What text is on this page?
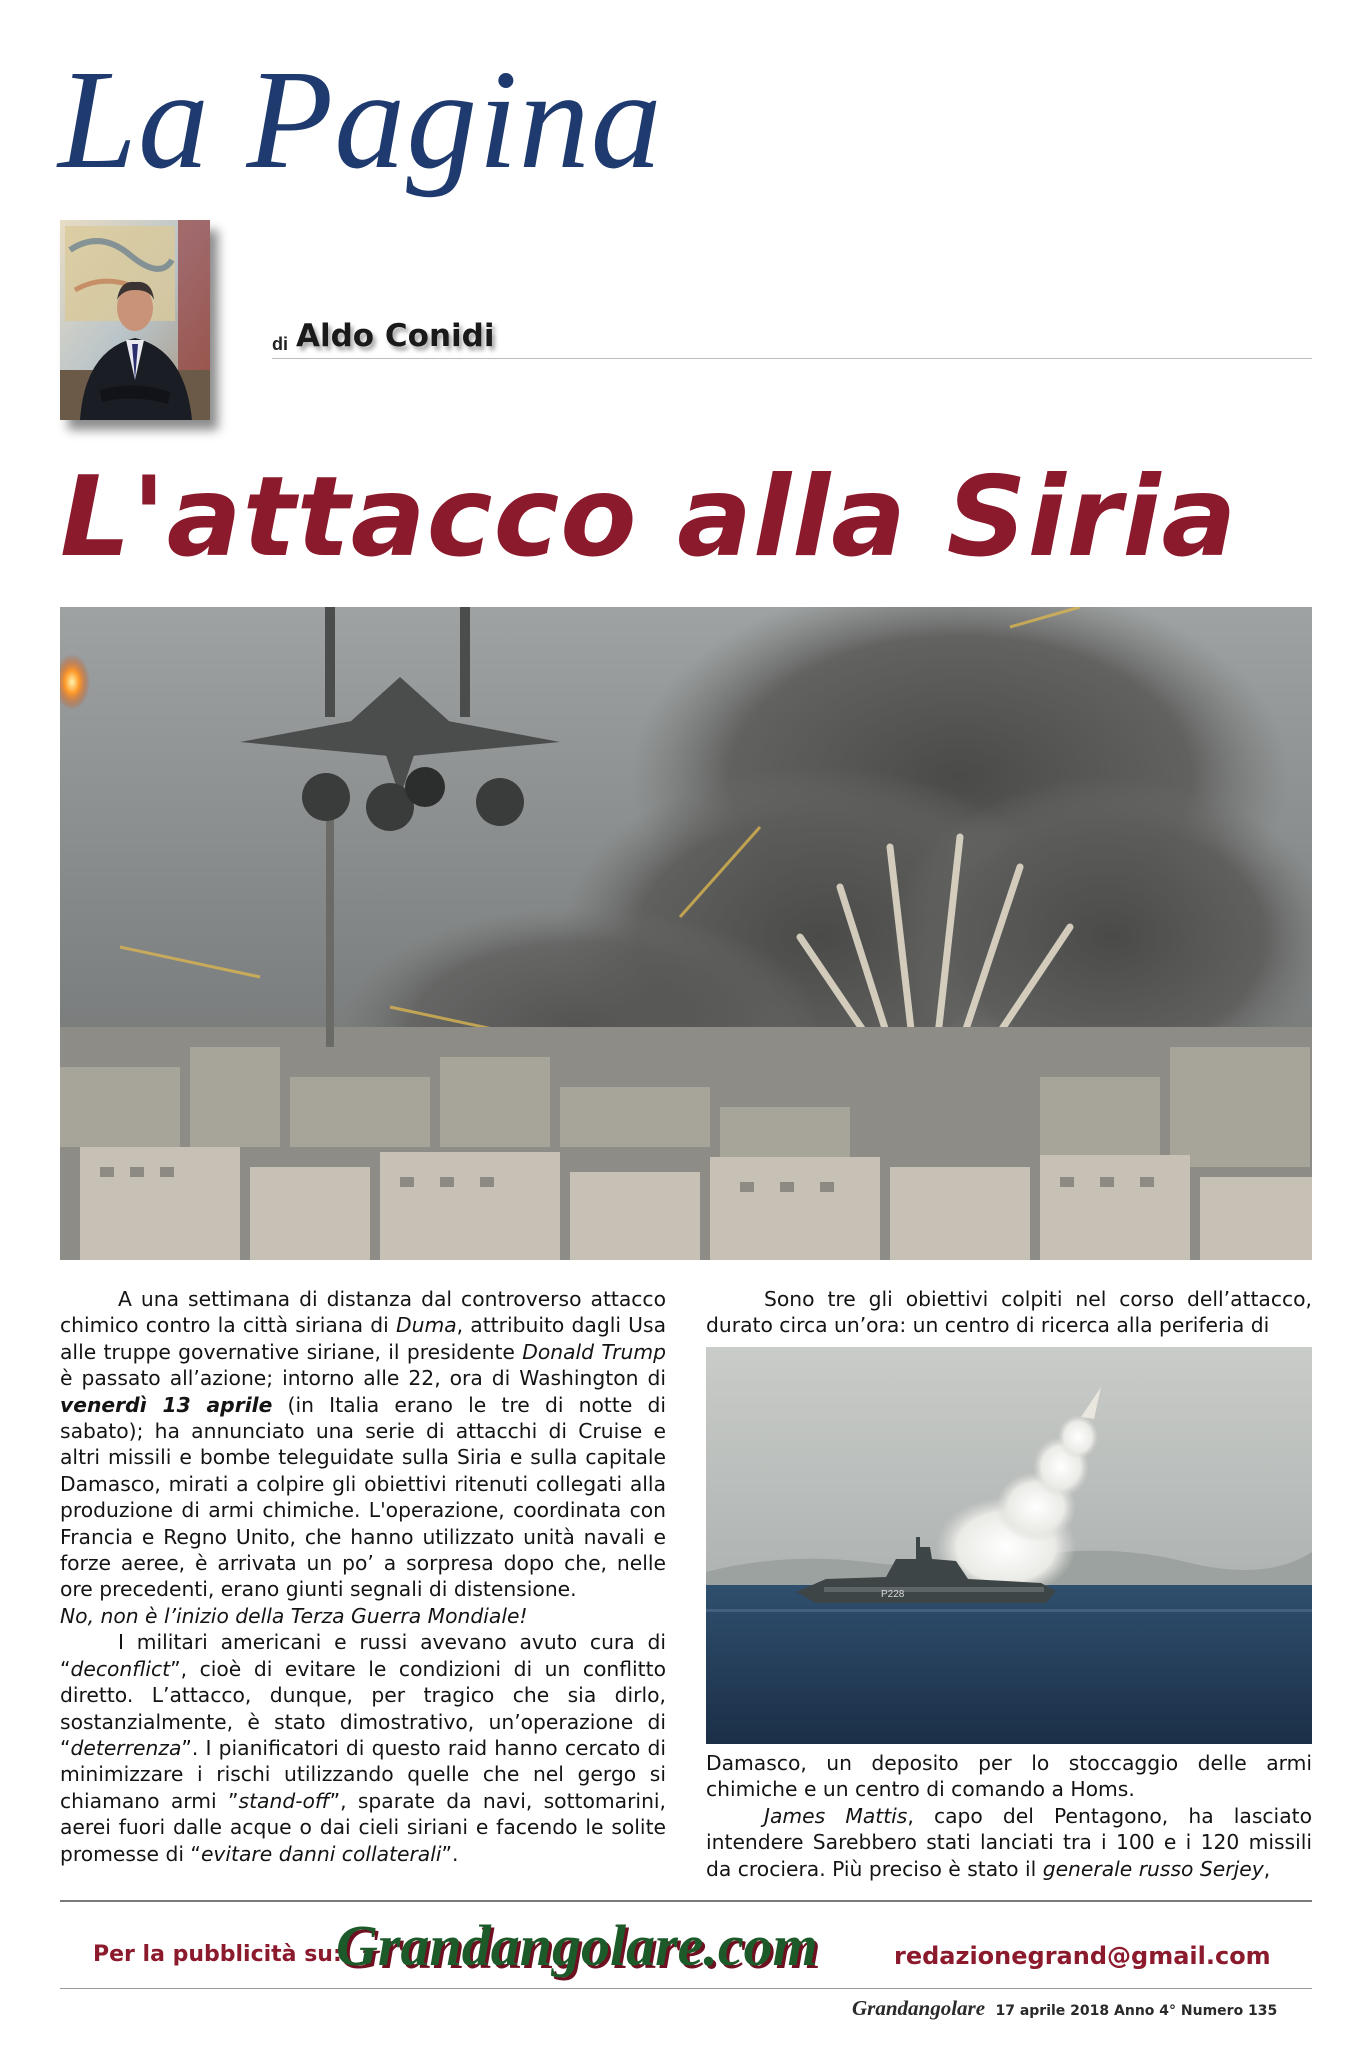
La Pagina
di Aldo Conidi
L'attacco alla Siria

A una settimana di distanza dal controverso attacco chimico contro la città siriana di Duma, attribuito dagli Usa alle truppe governative siriane, il presidente Donald Trump è passato all’azione; intorno alle 22, ora di Washington di venerdì 13 aprile (in Italia erano le tre di notte di sabato); ha annunciato una serie di attacchi di Cruise e altri missili e bombe teleguidate sulla Siria e sulla capitale Damasco, mirati a colpire gli obiettivi ritenuti collegati alla produzione di armi chimiche. L'operazione, coordinata con Francia e Regno Unito, che hanno utilizzato unità navali e forze aeree, è arrivata un po’ a sorpresa dopo che, nelle ore precedenti, erano giunti segnali di distensione.

No, non è l’inizio della Terza Guerra Mondiale!

I militari americani e russi avevano avuto cura di “deconflict”, cioè di evitare le condizioni di un conflitto diretto. L’attacco, dunque, per tragico che sia dirlo, sostanzialmente, è stato dimostrativo, un’operazione di “deterrenza”. I pianificatori di questo raid hanno cercato di minimizzare i rischi utilizzando quelle che nel gergo si chiamano armi ”stand-off”, sparate da navi, sottomarini, aerei fuori dalle acque o dai cieli siriani e facendo le solite promesse di “evitare danni collaterali”.

Sono tre gli obiettivi colpiti nel corso dell’attacco, durato circa un’ora: un centro di ricerca alla periferia di

P228

Damasco, un deposito per lo stoccaggio delle armi chimiche e un centro di comando a Homs.

James Mattis, capo del Pentagono, ha lasciato intendere Sarebbero stati lanciati tra i 100 e i 120 missili da crociera. Più preciso è stato il generale russo Serjey,

Per la pubblicità su:
Grandangolare.com	redazionegrand@gmail.com
Grandangolare 17 aprile 2018 Anno 4° Numero 135
